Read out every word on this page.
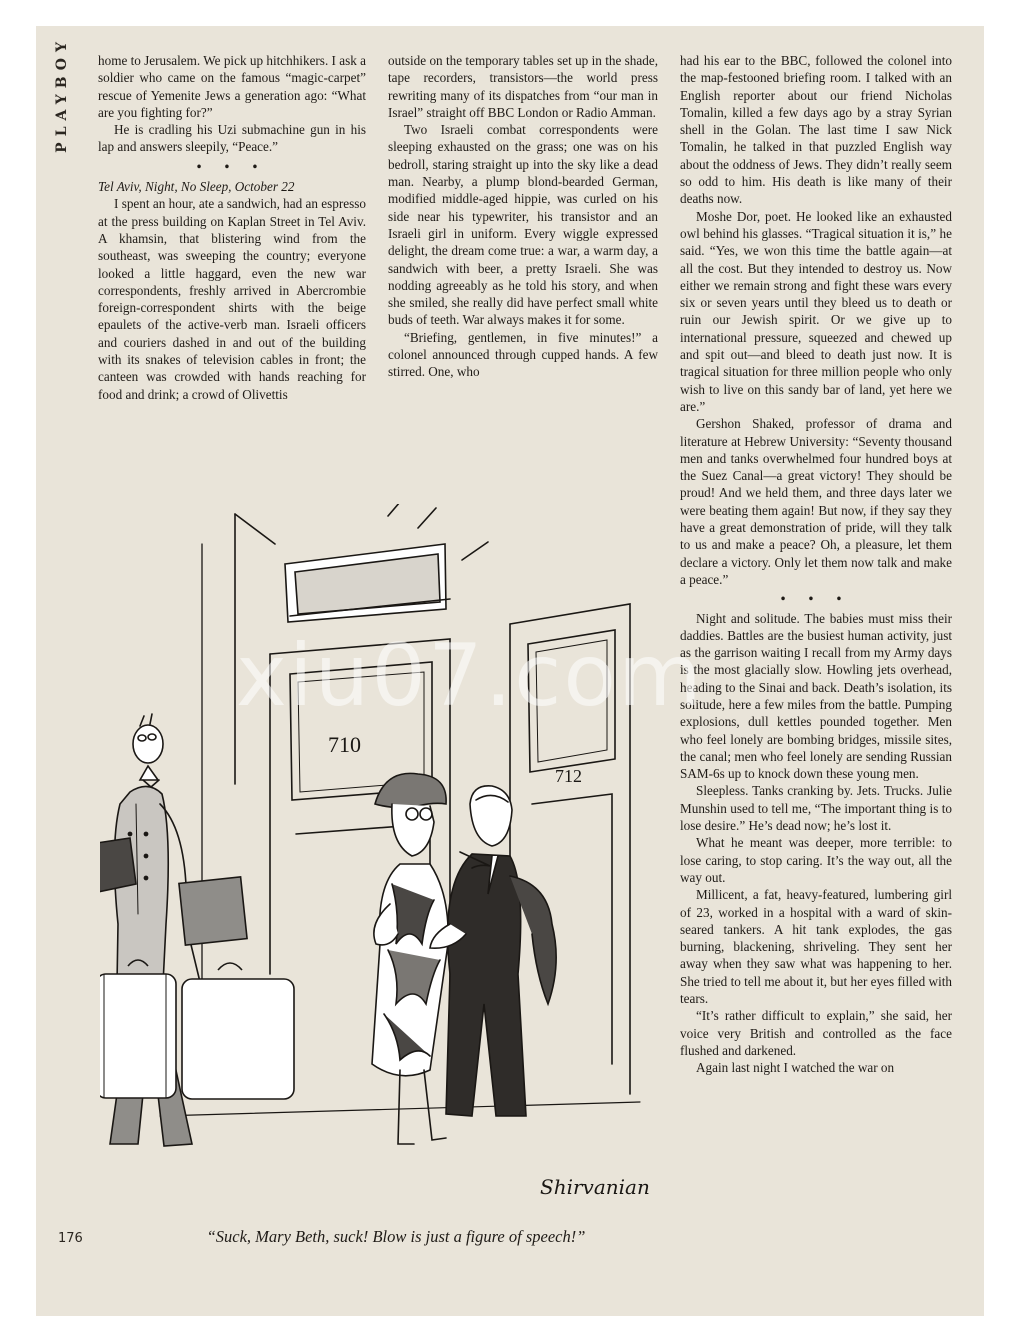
PLAYBOY	home to Jerusalem. We pick up hitchhikers. I ask a soldier who came on the famous “magic-carpet” rescue of Yemenite Jews a generation ago: “What are you fighting for?”

He is cradling his Uzi submachine gun in his lap and answers sleepily, “Peace.”

• • •

Tel Aviv, Night, No Sleep, October 22

I spent an hour, ate a sandwich, had an espresso at the press building on Kaplan Street in Tel Aviv. A khamsin, that blistering wind from the southeast, was sweeping the country; everyone looked a little haggard, even the new war correspondents, freshly arrived in Abercrombie foreign-correspondent shirts with the beige epaulets of the active-verb man. Israeli officers and couriers dashed in and out of the building with its snakes of television cables in front; the canteen was crowded with hands reaching for food and drink; a crowd of Olivettis

outside on the temporary tables set up in the shade, tape recorders, transistors—the world press rewriting many of its dispatches from “our man in Israel” straight off BBC London or Radio Amman.

Two Israeli combat correspondents were sleeping exhausted on the grass; one was on his bedroll, staring straight up into the sky like a dead man. Nearby, a plump blond-bearded German, modified middle-aged hippie, was curled on his side near his typewriter, his transistor and an Israeli girl in uniform. Every wiggle expressed delight, the dream come true: a war, a warm day, a sandwich with beer, a pretty Israeli. She was nodding agreeably as he told his story, and when she smiled, she really did have perfect small white buds of teeth. War always makes it for some.

“Briefing, gentlemen, in five minutes!” a colonel announced through cupped hands. A few stirred. One, who

had his ear to the BBC, followed the colonel into the map-festooned briefing room. I talked with an English reporter about our friend Nicholas Tomalin, killed a few days ago by a stray Syrian shell in the Golan. The last time I saw Nick Tomalin, he talked in that puzzled English way about the oddness of Jews. They didn’t really seem so odd to him. His death is like many of their deaths now.

Moshe Dor, poet. He looked like an exhausted owl behind his glasses. “Tragical situation it is,” he said. “Yes, we won this time the battle again—at all the cost. But they intended to destroy us. Now either we remain strong and fight these wars every six or seven years until they bleed us to death or ruin our Jewish spirit. Or we give up to international pressure, squeezed and chewed up and spit out—and bleed to death just now. It is tragical situation for three million people who only wish to live on this sandy bar of land, yet here we are.”

Gershon Shaked, professor of drama and literature at Hebrew University: “Seventy thousand men and tanks overwhelmed four hundred boys at the Suez Canal—a great victory! They should be proud! And we held them, and three days later we were beating them again! But now, if they say they have a great demonstration of pride, will they talk to us and make a peace? Oh, a pleasure, let them declare a victory. Only let them now talk and make a peace.”

• • •

Night and solitude. The babies must miss their daddies. Battles are the busiest human activity, just as the garrison waiting I recall from my Army days is the most glacially slow. Howling jets overhead, heading to the Sinai and back. Death’s isolation, its solitude, here a few miles from the battle. Pumping explosions, dull kettles pounded together. Men who feel lonely are bombing bridges, missile sites, the canal; men who feel lonely are sending Russian SAM-6s up to knock down these young men.

Sleepless. Tanks cranking by. Jets. Trucks. Julie Munshin used to tell me, “The important thing is to lose desire.” He’s dead now; he’s lost it.

What he meant was deeper, more terrible: to lose caring, to stop caring. It’s the way out, all the way out.

Millicent, a fat, heavy-featured, lumbering girl of 23, worked in a hospital with a ward of skin-seared tankers. A hit tank explodes, the gas burning, blackening, shriveling. They sent her away when they saw what was happening to her. She tried to tell me about it, but her eyes filled with tears.

“It’s rather difficult to explain,” she said, her voice very British and controlled as the face flushed and darkened.

Again last night I watched the war on

710
712
Shirvanian
176	“Suck, Mary Beth, suck! Blow is just a figure of speech!”
xiu07.com
